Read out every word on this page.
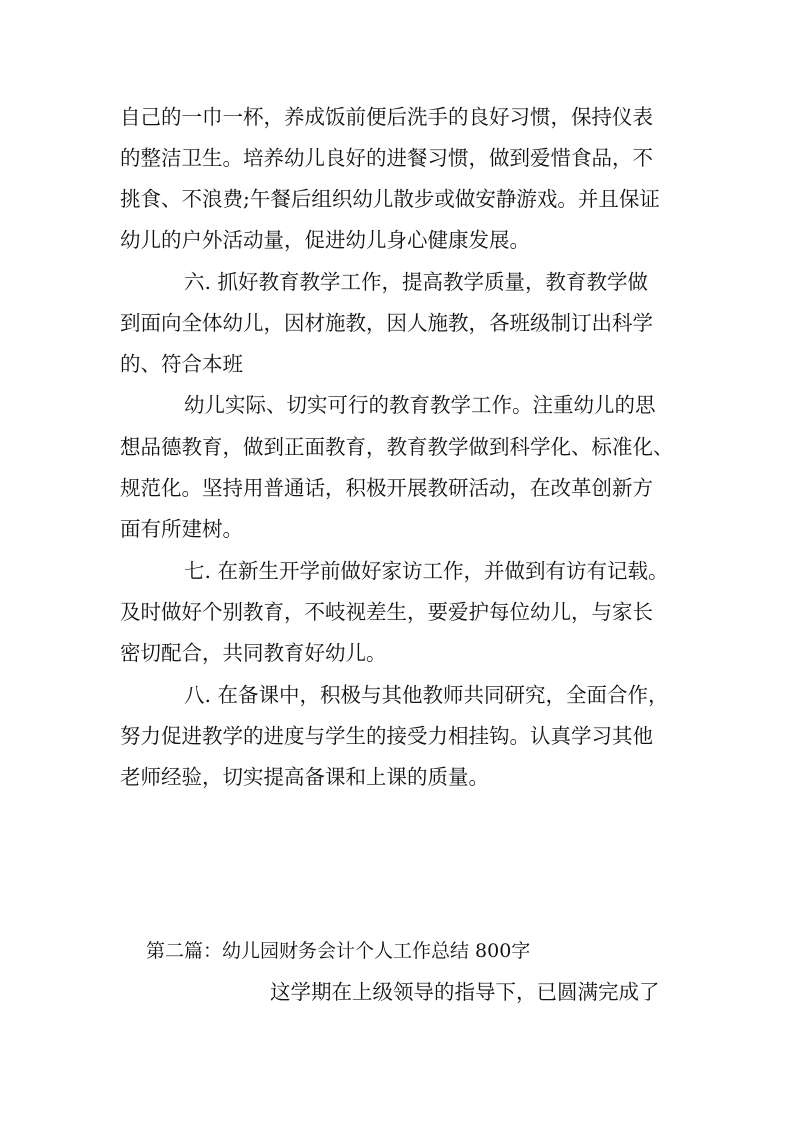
自己的一巾一杯，养成饭前便后洗手的良好习惯，保持仪表
的整洁卫生。培养幼儿良好的进餐习惯，做到爱惜食品，不
挑食、不浪费;午餐后组织幼儿散步或做安静游戏。并且保证
幼儿的户外活动量，促进幼儿身心健康发展。
六. 抓好教育教学工作，提高教学质量，教育教学做
到面向全体幼儿，因材施教，因人施教，各班级制订出科学
的、符合本班
幼儿实际、切实可行的教育教学工作。注重幼儿的思
想品德教育，做到正面教育，教育教学做到科学化、标准化、
规范化。坚持用普通话，积极开展教研活动，在改革创新方
面有所建树。
七. 在新生开学前做好家访工作，并做到有访有记载。
及时做好个别教育，不岐视差生，要爱护每位幼儿，与家长
密切配合，共同教育好幼儿。
八. 在备课中，积极与其他教师共同研究，全面合作，
努力促进教学的进度与学生的接受力相挂钩。认真学习其他
老师经验，切实提高备课和上课的质量。
第二篇：幼儿园财务会计个人工作总结 800字
这学期在上级领导的指导下，已圆满完成了
